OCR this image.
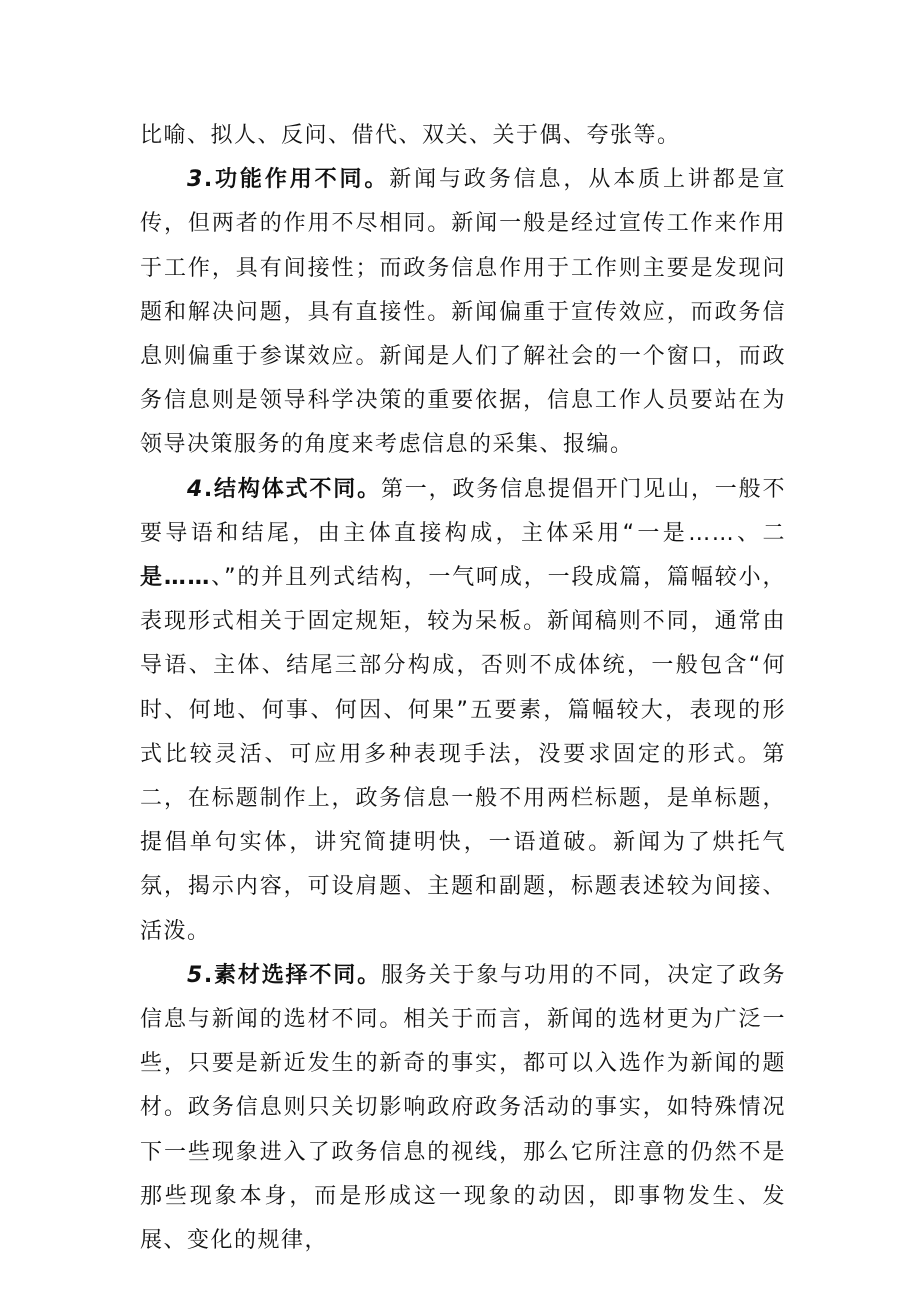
比喻、拟人、反问、借代、双关、关于偶、夸张等。

3.功能作用不同。新闻与政务信息，从本质上讲都是宣传，但两者的作用不尽相同。新闻一般是经过宣传工作来作用于工作，具有间接性；而政务信息作用于工作则主要是发现问题和解决问题，具有直接性。新闻偏重于宣传效应，而政务信息则偏重于参谋效应。新闻是人们了解社会的一个窗口，而政务信息则是领导科学决策的重要依据，信息工作人员要站在为领导决策服务的角度来考虑信息的采集、报编。

4.结构体式不同。第一，政务信息提倡开门见山，一般不要导语和结尾，由主体直接构成，主体采用“一是……、二是……、”的并且列式结构，一气呵成，一段成篇，篇幅较小，表现形式相关于固定规矩，较为呆板。新闻稿则不同，通常由导语、主体、结尾三部分构成，否则不成体统，一般包含“何时、何地、何事、何因、何果”五要素，篇幅较大，表现的形式比较灵活、可应用多种表现手法，没要求固定的形式。第二，在标题制作上，政务信息一般不用两栏标题，是单标题，提倡单句实体，讲究简捷明快，一语道破。新闻为了烘托气氛，揭示内容，可设肩题、主题和副题，标题表述较为间接、活泼。

5.素材选择不同。服务关于象与功用的不同，决定了政务信息与新闻的选材不同。相关于而言，新闻的选材更为广泛一些，只要是新近发生的新奇的事实，都可以入选作为新闻的题材。政务信息则只关切影响政府政务活动的事实，如特殊情况下一些现象进入了政务信息的视线，那么它所注意的仍然不是那些现象本身，而是形成这一现象的动因，即事物发生、发展、变化的规律，
